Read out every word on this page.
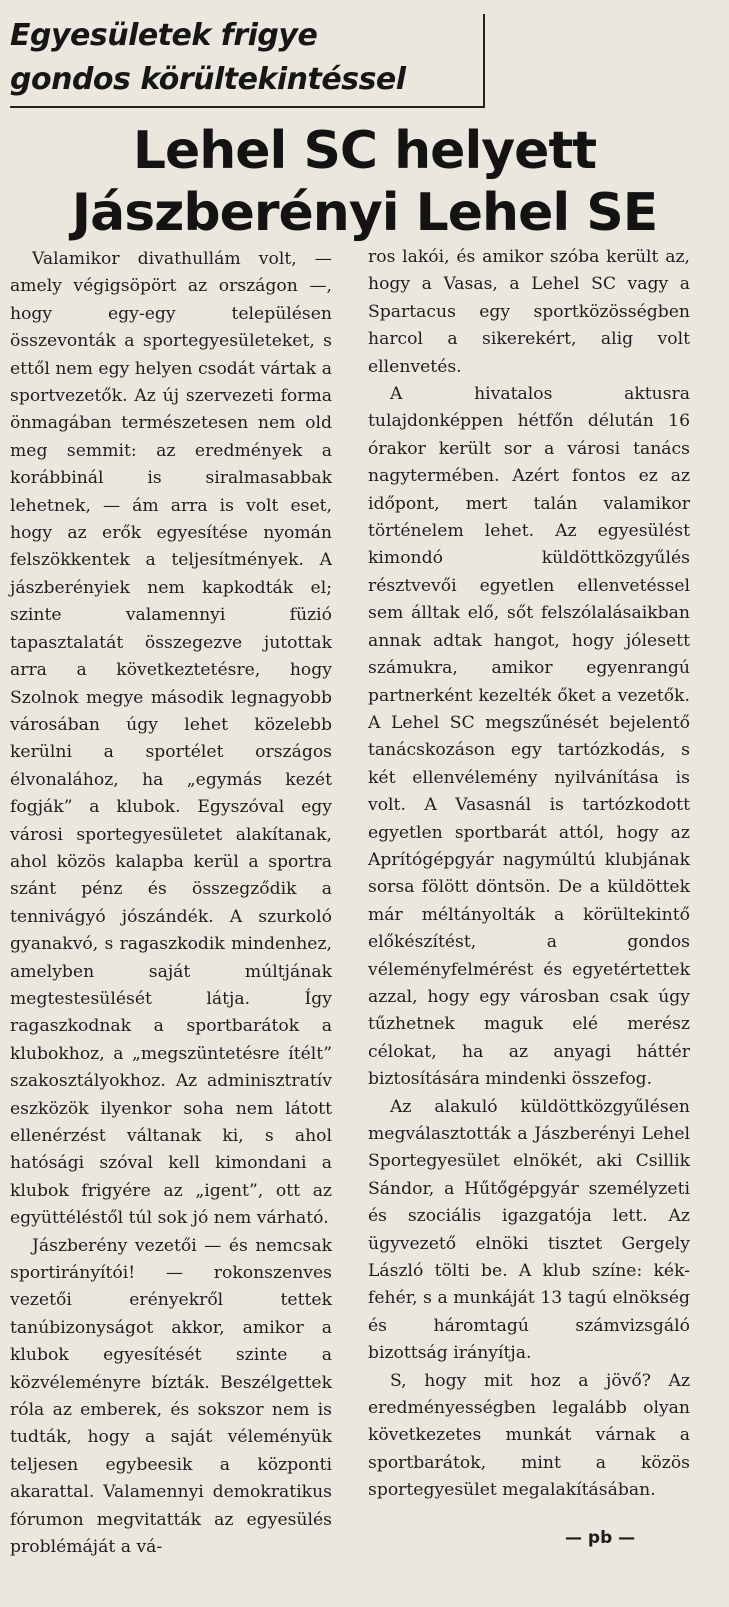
Egyesületek frigye
gondos körültekintéssel
Lehel SC helyett
Jászberényi Lehel SE

Valamikor divathullám volt, — amely végigsöpört az országon —, hogy egy-egy településen összevonták a sportegyesületeket, s ettől nem egy helyen csodát vártak a sportvezetők. Az új szervezeti forma önmagában természetesen nem old meg semmit: az eredmények a korábbinál is siralmasabbak lehetnek, — ám arra is volt eset, hogy az erők egyesítése nyomán felszökkentek a teljesítmények. A jászberényiek nem kapkodták el; szinte valamennyi füzió tapasztalatát összegezve jutottak arra a következtetésre, hogy Szolnok megye második legnagyobb városában úgy lehet közelebb kerülni a sportélet országos élvonalához, ha „egymás kezét fogják” a klubok. Egyszóval egy városi sportegyesületet alakítanak, ahol közös kalapba kerül a sportra szánt pénz és összegződik a tennivágyó jószándék. A szurkoló gyanakvó, s ragaszkodik mindenhez, amelyben saját múltjának megtestesülését látja. Így ragaszkodnak a sportbarátok a klubokhoz, a „megszüntetésre ítélt” szakosztályokhoz. Az adminisztratív eszközök ilyenkor soha nem látott ellenérzést váltanak ki, s ahol hatósági szóval kell kimondani a klubok frigyére az „igent”, ott az együttéléstől túl sok jó nem várható.

Jászberény vezetői — és nemcsak sportirányítói! — rokonszenves vezetői erényekről tettek tanúbizonyságot akkor, amikor a klubok egyesítését szinte a közvéleményre bízták. Beszélgettek róla az emberek, és sokszor nem is tudták, hogy a saját véleményük teljesen egybeesik a központi akarattal. Valamennyi demokratikus fórumon megvitatták az egyesülés problémáját a vá-

ros lakói, és amikor szóba került az, hogy a Vasas, a Lehel SC vagy a Spartacus egy sportközösségben harcol a sikerekért, alig volt ellenvetés.

A hivatalos aktusra tulajdonképpen hétfőn délután 16 órakor került sor a városi tanács nagytermében. Azért fontos ez az időpont, mert talán valamikor történelem lehet. Az egyesülést kimondó küldöttközgyűlés résztvevői egyetlen ellenvetéssel sem álltak elő, sőt felszólalásaikban annak adtak hangot, hogy jólesett számukra, amikor egyenrangú partnerként kezelték őket a vezetők. A Lehel SC megszűnését bejelentő tanácskozáson egy tartózkodás, s két ellenvélemény nyilvánítása is volt. A Vasasnál is tartózkodott egyetlen sportbarát attól, hogy az Aprítógépgyár nagymúltú klubjának sorsa fölött döntsön. De a küldöttek már méltányolták a körültekintő előkészítést, a gondos véleményfelmérést és egyetértettek azzal, hogy egy városban csak úgy tűzhetnek maguk elé merész célokat, ha az anyagi háttér biztosítására mindenki összefog.

Az alakuló küldöttközgyűlésen megválasztották a Jászberényi Lehel Sportegyesület elnökét, aki Csillik Sándor, a Hűtőgépgyár személyzeti és szociális igazgatója lett. Az ügyvezető elnöki tisztet Gergely László tölti be. A klub színe: kék-fehér, s a munkáját 13 tagú elnökség és háromtagú számvizsgáló bizottság irányítja.

S, hogy mit hoz a jövő? Az eredményességben legalább olyan következetes munkát várnak a sportbarátok, mint a közös sportegyesület megalakításában.

— pb —
